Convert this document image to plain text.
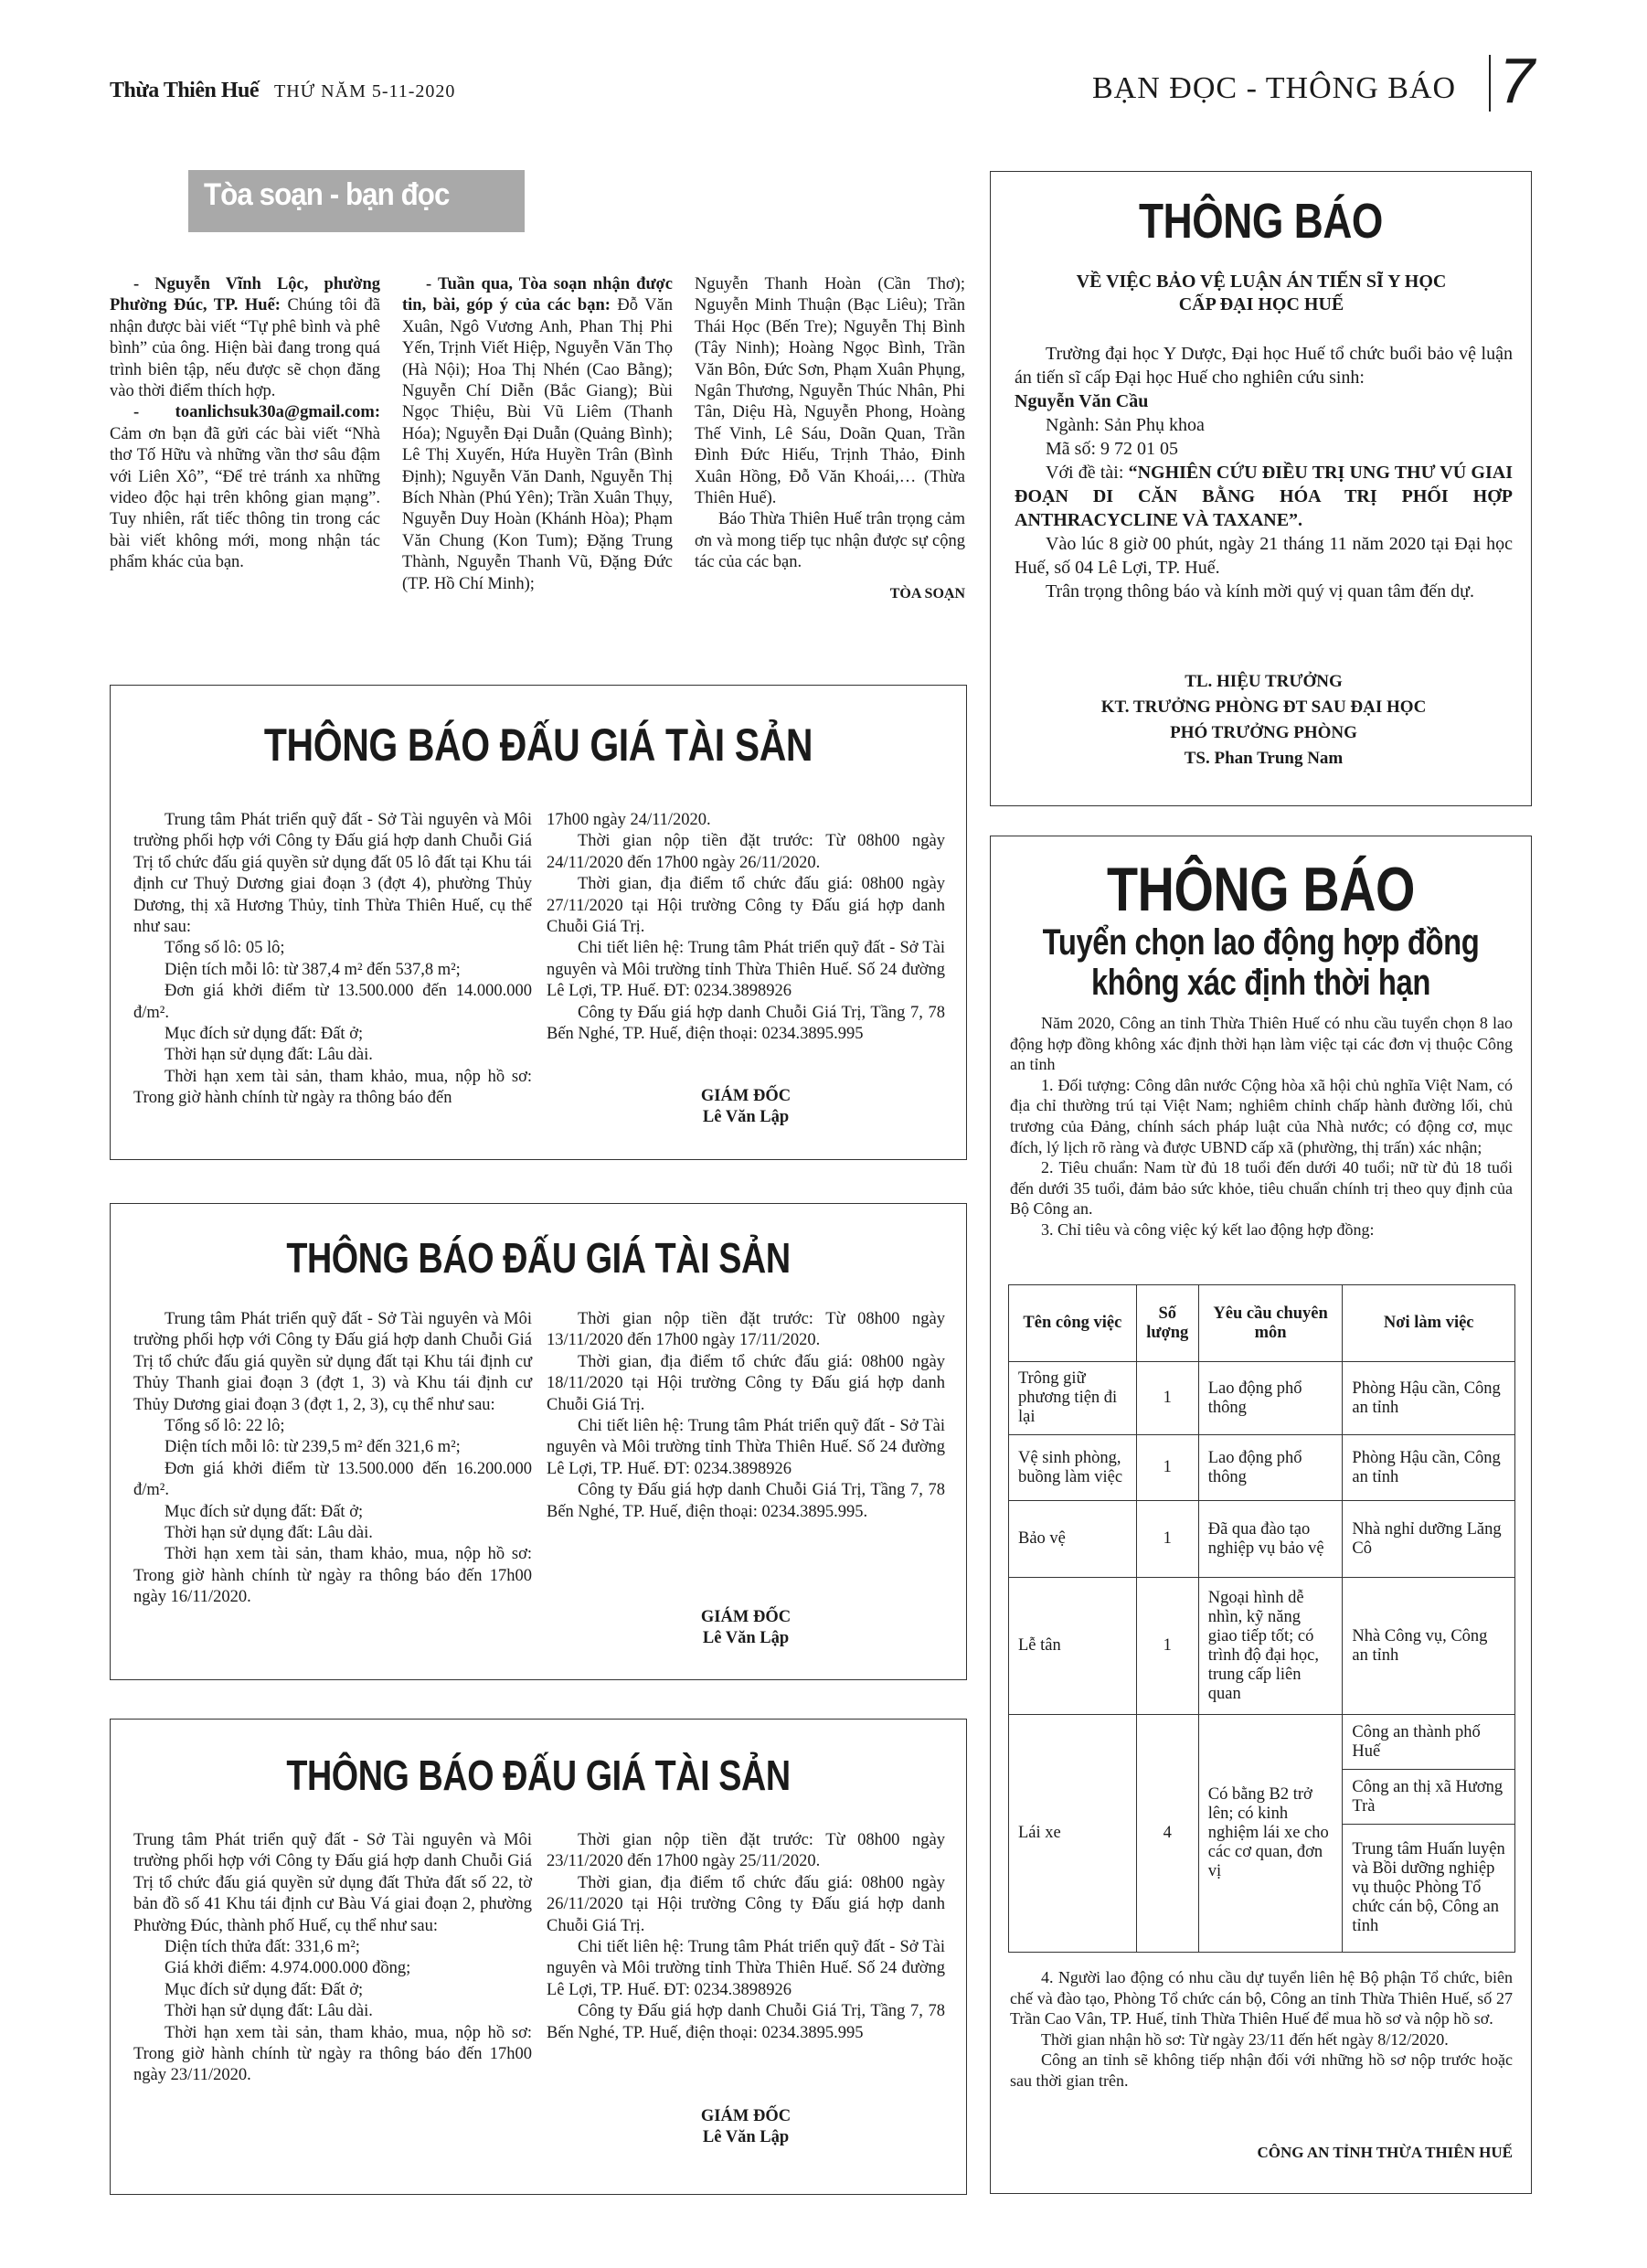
Thừa Thiên Huế THỨ NĂM 5-11-2020	BẠN ĐỌC - THÔNG BÁO 7
Tòa soạn - bạn đọc

- Nguyễn Vĩnh Lộc, phường Phường Đúc, TP. Huế: Chúng tôi đã nhận được bài viết “Tự phê bình và phê bình” của ông. Hiện bài đang trong quá trình biên tập, nếu được sẽ chọn đăng vào thời điểm thích hợp.

- toanlichsuk30a@gmail.com: Cảm ơn bạn đã gửi các bài viết “Nhà thơ Tố Hữu và những vần thơ sâu đậm với Liên Xô”, “Để trẻ tránh xa những video độc hại trên không gian mạng”. Tuy nhiên, rất tiếc thông tin trong các bài viết không mới, mong nhận tác phẩm khác của bạn.

- Tuần qua, Tòa soạn nhận được tin, bài, góp ý của các bạn: Đỗ Văn Xuân, Ngô Vương Anh, Phan Thị Phi Yến, Trịnh Viết Hiệp, Nguyễn Văn Thọ (Hà Nội); Hoa Thị Nhén (Cao Bằng); Nguyễn Chí Diễn (Bắc Giang); Bùi Ngọc Thiệu, Bùi Vũ Liêm (Thanh Hóa); Nguyễn Đại Duẫn (Quảng Bình); Lê Thị Xuyến, Hứa Huyền Trân (Bình Định); Nguyễn Văn Danh, Nguyễn Thị Bích Nhàn (Phú Yên); Trần Xuân Thụy, Nguyễn Duy Hoàn (Khánh Hòa); Phạm Văn Chung (Kon Tum); Đặng Trung Thành, Nguyễn Thanh Vũ, Đặng Đức (TP. Hồ Chí Minh);

Nguyễn Thanh Hoàn (Cần Thơ); Nguyễn Minh Thuận (Bạc Liêu); Trần Thái Học (Bến Tre); Nguyễn Thị Bình (Tây Ninh); Hoàng Ngọc Bình, Trần Văn Bôn, Đức Sơn, Phạm Xuân Phụng, Ngân Thương, Nguyễn Thúc Nhân, Phi Tân, Diệu Hà, Nguyễn Phong, Hoàng Thế Vinh, Lê Sáu, Doãn Quan, Trần Đình Đức Hiếu, Trịnh Thảo, Đinh Xuân Hồng, Đỗ Văn Khoái,… (Thừa Thiên Huế).

Báo Thừa Thiên Huế trân trọng cảm ơn và mong tiếp tục nhận được sự cộng tác của các bạn.

TÒA SOẠN

THÔNG BÁO ĐẤU GIÁ TÀI SẢN

Trung tâm Phát triển quỹ đất - Sở Tài nguyên và Môi trường phối hợp với Công ty Đấu giá hợp danh Chuỗi Giá Trị tổ chức đấu giá quyền sử dụng đất 05 lô đất tại Khu tái định cư Thuỷ Dương giai đoạn 3 (đợt 4), phường Thủy Dương, thị xã Hương Thủy, tỉnh Thừa Thiên Huế, cụ thể như sau:

Tổng số lô: 05 lô;

Diện tích mỗi lô: từ 387,4 m² đến 537,8 m²;

Đơn giá khởi điểm từ 13.500.000 đến 14.000.000 đ/m².

Mục đích sử dụng đất: Đất ở;

Thời hạn sử dụng đất: Lâu dài.

Thời hạn xem tài sản, tham khảo, mua, nộp hồ sơ: Trong giờ hành chính từ ngày ra thông báo đến

17h00 ngày 24/11/2020.

Thời gian nộp tiền đặt trước: Từ 08h00 ngày 24/11/2020 đến 17h00 ngày 26/11/2020.

Thời gian, địa điểm tổ chức đấu giá: 08h00 ngày 27/11/2020 tại Hội trường Công ty Đấu giá hợp danh Chuỗi Giá Trị.

Chi tiết liên hệ: Trung tâm Phát triển quỹ đất - Sở Tài nguyên và Môi trường tỉnh Thừa Thiên Huế. Số 24 đường Lê Lợi, TP. Huế. ĐT: 0234.3898926

Công ty Đấu giá hợp danh Chuỗi Giá Trị, Tầng 7, 78 Bến Nghé, TP. Huế, điện thoại: 0234.3895.995

GIÁM ĐỐC
Lê Văn Lập
THÔNG BÁO ĐẤU GIÁ TÀI SẢN

Trung tâm Phát triển quỹ đất - Sở Tài nguyên và Môi trường phối hợp với Công ty Đấu giá hợp danh Chuỗi Giá Trị tổ chức đấu giá quyền sử dụng đất tại Khu tái định cư Thủy Thanh giai đoạn 3 (đợt 1, 3) và Khu tái định cư Thủy Dương giai đoạn 3 (đợt 1, 2, 3), cụ thể như sau:

Tổng số lô: 22 lô;

Diện tích mỗi lô: từ 239,5 m² đến 321,6 m²;

Đơn giá khởi điểm từ 13.500.000 đến 16.200.000 đ/m².

Mục đích sử dụng đất: Đất ở;

Thời hạn sử dụng đất: Lâu dài.

Thời hạn xem tài sản, tham khảo, mua, nộp hồ sơ: Trong giờ hành chính từ ngày ra thông báo đến 17h00 ngày 16/11/2020.

Thời gian nộp tiền đặt trước: Từ 08h00 ngày 13/11/2020 đến 17h00 ngày 17/11/2020.

Thời gian, địa điểm tổ chức đấu giá: 08h00 ngày 18/11/2020 tại Hội trường Công ty Đấu giá hợp danh Chuỗi Giá Trị.

Chi tiết liên hệ: Trung tâm Phát triển quỹ đất - Sở Tài nguyên và Môi trường tỉnh Thừa Thiên Huế. Số 24 đường Lê Lợi, TP. Huế. ĐT: 0234.3898926

Công ty Đấu giá hợp danh Chuỗi Giá Trị, Tầng 7, 78 Bến Nghé, TP. Huế, điện thoại: 0234.3895.995.

GIÁM ĐỐC
Lê Văn Lập
THÔNG BÁO ĐẤU GIÁ TÀI SẢN

Trung tâm Phát triển quỹ đất - Sở Tài nguyên và Môi trường phối hợp với Công ty Đấu giá hợp danh Chuỗi Giá Trị tổ chức đấu giá quyền sử dụng đất Thửa đất số 22, tờ bản đồ số 41 Khu tái định cư Bàu Vá giai đoạn 2, phường Phường Đúc, thành phố Huế, cụ thể như sau:

Diện tích thửa đất: 331,6 m²;

Giá khởi điểm: 4.974.000.000 đồng;

Mục đích sử dụng đất: Đất ở;

Thời hạn sử dụng đất: Lâu dài.

Thời hạn xem tài sản, tham khảo, mua, nộp hồ sơ: Trong giờ hành chính từ ngày ra thông báo đến 17h00 ngày 23/11/2020.

Thời gian nộp tiền đặt trước: Từ 08h00 ngày 23/11/2020 đến 17h00 ngày 25/11/2020.

Thời gian, địa điểm tổ chức đấu giá: 08h00 ngày 26/11/2020 tại Hội trường Công ty Đấu giá hợp danh Chuỗi Giá Trị.

Chi tiết liên hệ: Trung tâm Phát triển quỹ đất - Sở Tài nguyên và Môi trường tỉnh Thừa Thiên Huế. Số 24 đường Lê Lợi, TP. Huế. ĐT: 0234.3898926

Công ty Đấu giá hợp danh Chuỗi Giá Trị, Tầng 7, 78 Bến Nghé, TP. Huế, điện thoại: 0234.3895.995

GIÁM ĐỐC
Lê Văn Lập
THÔNG BÁO
VỀ VIỆC BẢO VỆ LUẬN ÁN TIẾN SĨ Y HỌC
CẤP ĐẠI HỌC HUẾ

Trường đại học Y Dược, Đại học Huế tổ chức buổi bảo vệ luận án tiến sĩ cấp Đại học Huế cho nghiên cứu sinh:

Nguyễn Văn Cầu

Ngành: Sản Phụ khoa

Mã số: 9 72 01 05

Với đề tài: “NGHIÊN CỨU ĐIỀU TRỊ UNG THƯ VÚ GIAI ĐOẠN DI CĂN BẰNG HÓA TRỊ PHỐI HỢP ANTHRACYCLINE VÀ TAXANE”.

Vào lúc 8 giờ 00 phút, ngày 21 tháng 11 năm 2020 tại Đại học Huế, số 04 Lê Lợi, TP. Huế.

Trân trọng thông báo và kính mời quý vị quan tâm đến dự.

TL. HIỆU TRƯỞNG
KT. TRƯỞNG PHÒNG ĐT SAU ĐẠI HỌC
PHÓ TRƯỞNG PHÒNG
TS. Phan Trung Nam
THÔNG BÁO
Tuyển chọn lao động hợp đồng
không xác định thời hạn

Năm 2020, Công an tỉnh Thừa Thiên Huế có nhu cầu tuyển chọn 8 lao động hợp đồng không xác định thời hạn làm việc tại các đơn vị thuộc Công an tỉnh

1. Đối tượng: Công dân nước Cộng hòa xã hội chủ nghĩa Việt Nam, có địa chỉ thường trú tại Việt Nam; nghiêm chỉnh chấp hành đường lối, chủ trương của Đảng, chính sách pháp luật của Nhà nước; có động cơ, mục đích, lý lịch rõ ràng và được UBND cấp xã (phường, thị trấn) xác nhận;

2. Tiêu chuẩn: Nam từ đủ 18 tuổi đến dưới 40 tuổi; nữ từ đủ 18 tuổi đến dưới 35 tuổi, đảm bảo sức khỏe, tiêu chuẩn chính trị theo quy định của Bộ Công an.

3. Chỉ tiêu và công việc ký kết lao động hợp đồng:

Tên công việc	Số lượng	Yêu cầu chuyên môn	Nơi làm việc
Trông giữ phương tiện đi lại	1	Lao động phổ thông	Phòng Hậu cần, Công an tỉnh
Vệ sinh phòng, buồng làm việc	1	Lao động phổ thông	Phòng Hậu cần, Công an tỉnh
Bảo vệ	1	Đã qua đào tạo nghiệp vụ bảo vệ	Nhà nghỉ dưỡng Lăng Cô
Lễ tân	1	Ngoại hình dễ nhìn, kỹ năng giao tiếp tốt; có trình độ đại học, trung cấp liên quan	Nhà Công vụ, Công an tỉnh
Lái xe	4	Có bằng B2 trở lên; có kinh nghiệm lái xe cho các cơ quan, đơn vị	Công an thành phố Huế
			Công an thị xã Hương Trà
			Trung tâm Huấn luyện và Bồi dưỡng nghiệp vụ thuộc Phòng Tổ chức cán bộ, Công an tỉnh

4. Người lao động có nhu cầu dự tuyển liên hệ Bộ phận Tổ chức, biên chế và đào tạo, Phòng Tổ chức cán bộ, Công an tỉnh Thừa Thiên Huế, số 27 Trần Cao Vân, TP. Huế, tỉnh Thừa Thiên Huế để mua hồ sơ và nộp hồ sơ.

Thời gian nhận hồ sơ: Từ ngày 23/11 đến hết ngày 8/12/2020.

Công an tỉnh sẽ không tiếp nhận đối với những hồ sơ nộp trước hoặc sau thời gian trên.

CÔNG AN TỈNH THỪA THIÊN HUẾ
